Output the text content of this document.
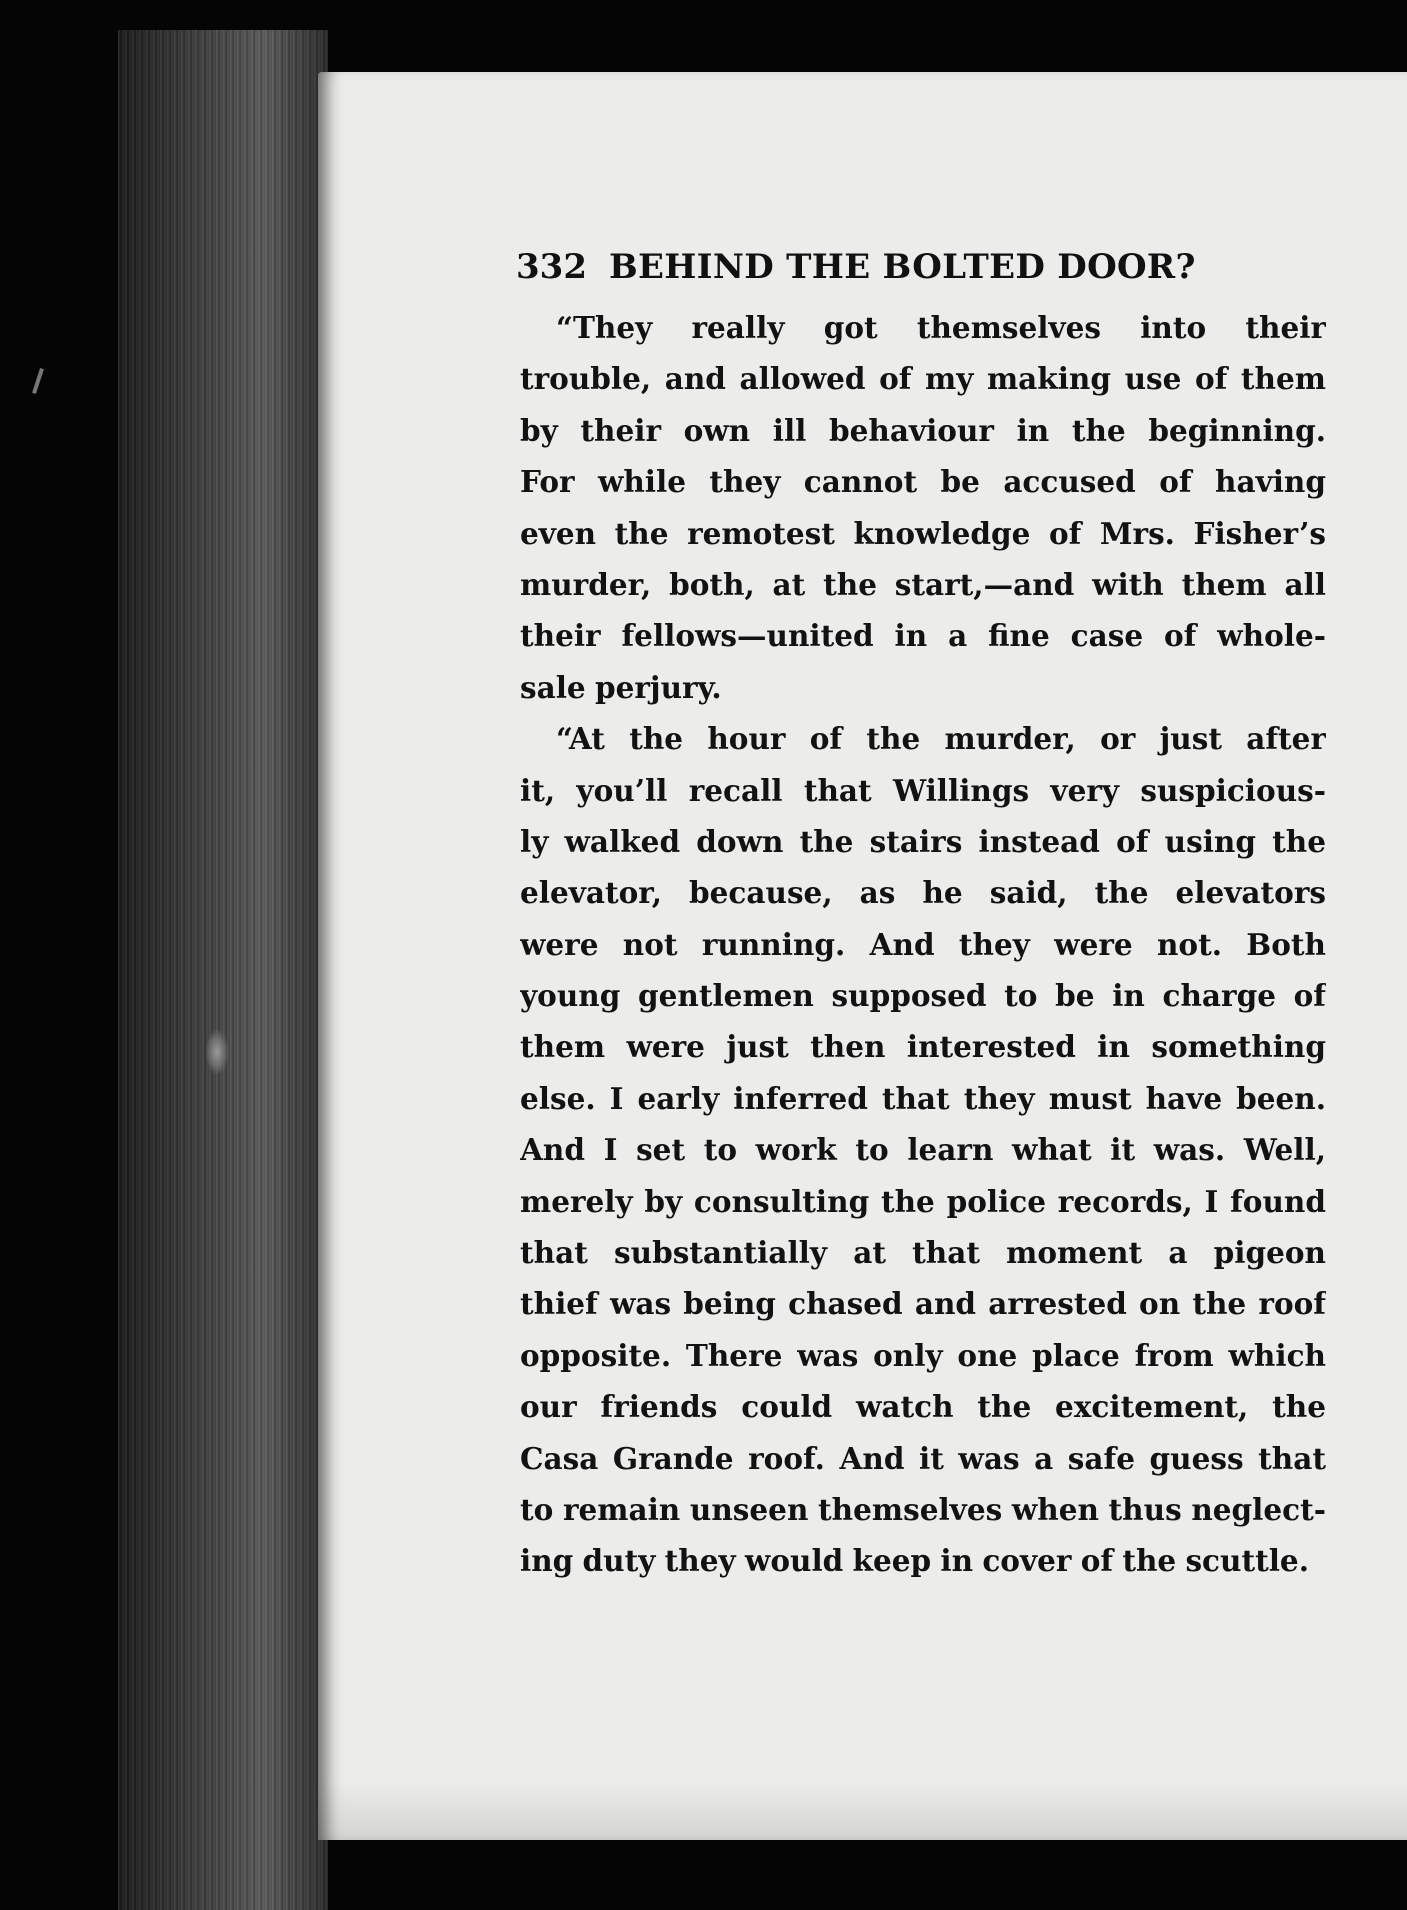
332 BEHIND THE BOLTED DOOR?
“They really got themselves into their
trouble, and allowed of my making use of them
by their own ill behaviour in the beginning.
For while they cannot be accused of having
even the remotest knowledge of Mrs. Fisher’s
murder, both, at the start,—and with them all
their fellows—united in a fine case of whole-
sale perjury.
“At the hour of the murder, or just after
it, you’ll recall that Willings very suspicious-
ly walked down the stairs instead of using the
elevator, because, as he said, the elevators
were not running. And they were not. Both
young gentlemen supposed to be in charge of
them were just then interested in something
else. I early inferred that they must have been.
And I set to work to learn what it was. Well,
merely by consulting the police records, I found
that substantially at that moment a pigeon
thief was being chased and arrested on the roof
opposite. There was only one place from which
our friends could watch the excitement, the
Casa Grande roof. And it was a safe guess that
to remain unseen themselves when thus neglect-
ing duty they would keep in cover of the scuttle.
